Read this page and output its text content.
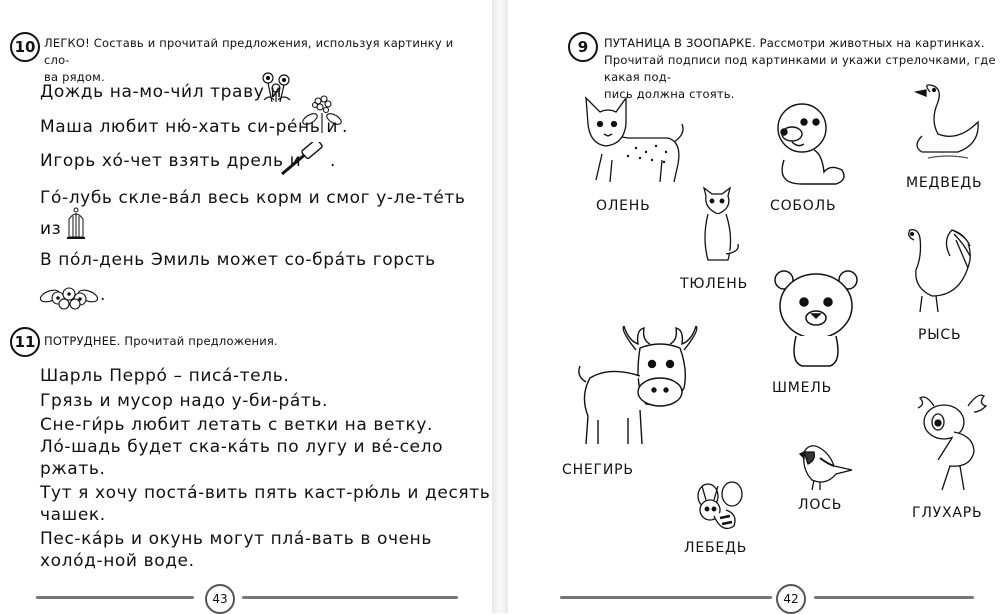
10 ЛЕГКО! Составь и прочитай предложения, используя картинку и сло-
ва рядом.
Дождь на-мо-чи́л траву и
Маша любит ню́-хать си-ре́нь и .
Игорь хо́-чет взять дрель и .
Го́-лубь скле-ва́л весь корм и смог у-ле-те́ть
из
В по́л-день Эмиль может со-бра́ть горсть
.
11 ПОТРУДНЕЕ. Прочитай предложения.
Шарль Перро́ – писа́-тель.
Грязь и мусор надо у-би-ра́ть.
Сне-ги́рь любит летать с ветки на ветку.
Ло́-шадь будет ска-ка́ть по лугу и ве́-село
ржать.
Тут я хочу поста́-вить пять каст-рю́ль и десять
чашек.
Пес-ка́рь и окунь могут пла́-вать в очень
холо́д-ной воде.
43
9	ПУТАНИЦА В ЗООПАРКЕ. Рассмотри животных на картинках.
Прочитай подписи под картинками и укажи стрелочками, где какая под-
пись должна стоять.
ОЛЕНЬ	СОБОЛЬ
МЕДВЕДЬ
ТЮЛЕНЬ
РЫСЬ
ШМЕЛЬ
СНЕГИРЬ
ГЛУХАРЬ
ЛОСЬ
ЛЕБЕДЬ
42
